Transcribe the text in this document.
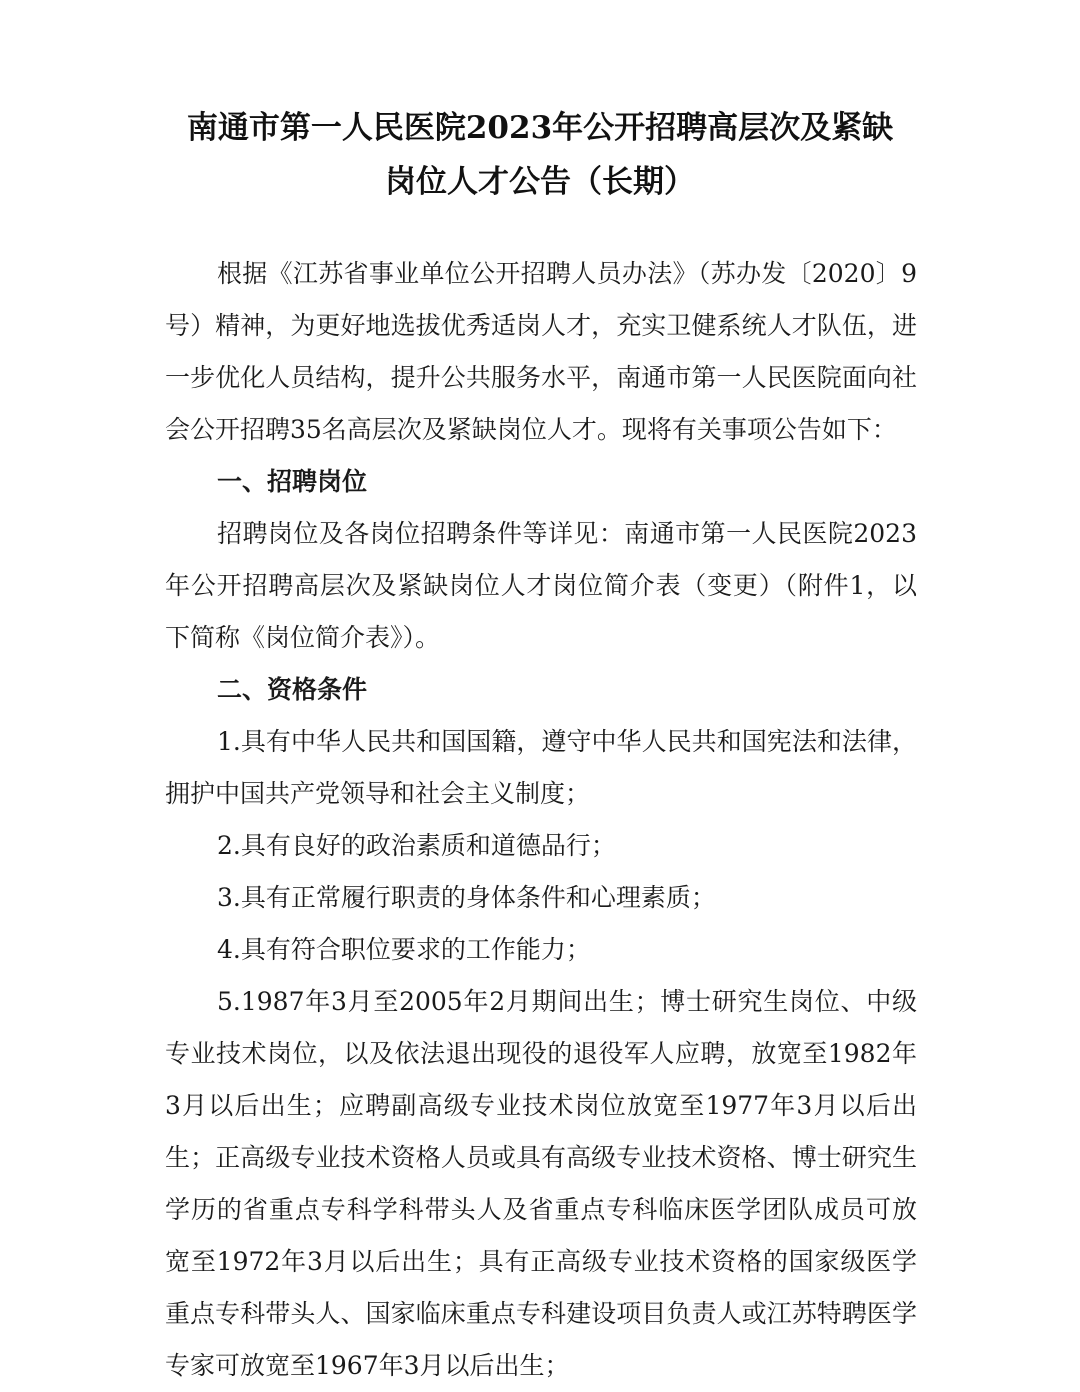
南通市第一人民医院2023年公开招聘高层次及紧缺
岗位人才公告（长期）
根据《江苏省事业单位公开招聘人员办法》（苏办发〔2020〕9
号）精神，为更好地选拔优秀适岗人才，充实卫健系统人才队伍，进
一步优化人员结构，提升公共服务水平，南通市第一人民医院面向社
会公开招聘35名高层次及紧缺岗位人才。现将有关事项公告如下：
一、招聘岗位
招聘岗位及各岗位招聘条件等详见：南通市第一人民医院2023
年公开招聘高层次及紧缺岗位人才岗位简介表（变更）（附件1，以
下简称《岗位简介表》）。
二、资格条件
1.具有中华人民共和国国籍，遵守中华人民共和国宪法和法律，
拥护中国共产党领导和社会主义制度；
2.具有良好的政治素质和道德品行；
3.具有正常履行职责的身体条件和心理素质；
4.具有符合职位要求的工作能力；
5.1987年3月至2005年2月期间出生；博士研究生岗位、中级
专业技术岗位，以及依法退出现役的退役军人应聘，放宽至1982年
3月以后出生；应聘副高级专业技术岗位放宽至1977年3月以后出
生；正高级专业技术资格人员或具有高级专业技术资格、博士研究生
学历的省重点专科学科带头人及省重点专科临床医学团队成员可放
宽至1972年3月以后出生；具有正高级专业技术资格的国家级医学
重点专科带头人、国家临床重点专科建设项目负责人或江苏特聘医学
专家可放宽至1967年3月以后出生；
